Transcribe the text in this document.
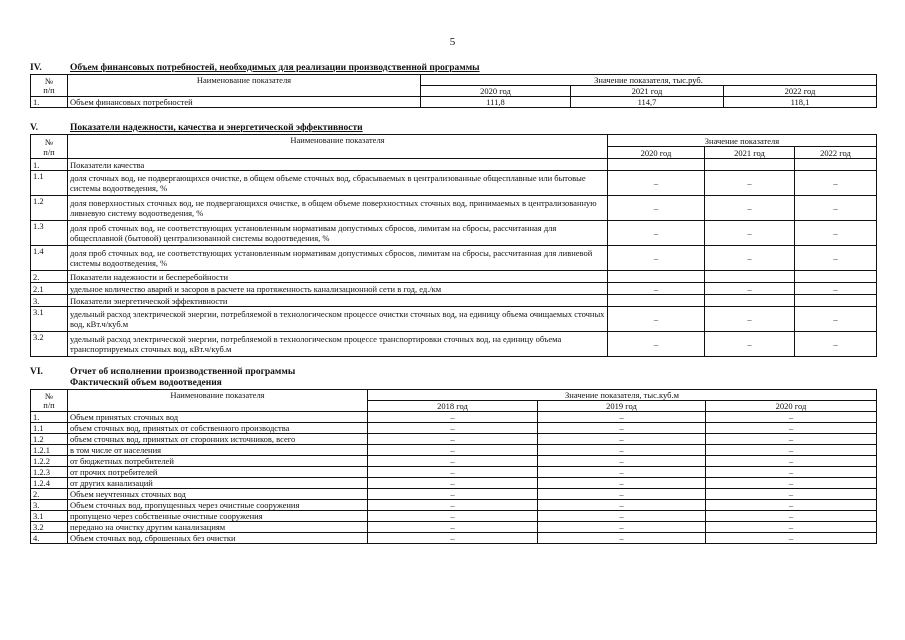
5
IV.	Объем финансовых потребностей, необходимых для реализации производственной программы
№
п/п	Наименование показателя	Значение показателя, тыс.руб.		
		2020 год	2021 год	2022 год
1.	Объем финансовых потребностей	111,8	114,7	118,1
V.	Показатели надежности, качества и энергетической эффективности
№
п/п	Наименование показателя	Значение показателя		
		2020 год	2021 год	2022 год
1.	Показатели качества			
1.1	доля сточных вод, не подвергающихся очистке, в общем объеме сточных вод, сбрасываемых в централизованные общесплавные или бытовые системы водоотведения, %	–	–	–
1.2	доля поверхностных сточных вод, не подвергающихся очистке, в общем объеме поверхностных сточных вод, принимаемых в централизованную ливневую систему водоотведения, %	–	–	–
1.3	доля проб сточных вод, не соответствующих установленным нормативам допустимых сбросов, лимитам на сбросы, рассчитанная для общесплавной (бытовой) централизованной системы водоотведения, %	–	–	–
1.4	доля проб сточных вод, не соответствующих установленным нормативам допустимых сбросов, лимитам на сбросы, рассчитанная для ливневой системы водоотведения, %	–	–	–
2.	Показатели надежности и бесперебойности			
2.1	удельное количество аварий и засоров в расчете на протяженность канализационной сети в год, ед./км	–	–	–
3.	Показатели энергетической эффективности			
3.1	удельный расход электрической энергии, потребляемой в технологическом процессе очистки сточных вод, на единицу объема очищаемых сточных вод, кВт.ч/куб.м	–	–	–
3.2	удельный расход электрической энергии, потребляемой в технологическом процессе транспортировки сточных вод, на единицу объема транспортируемых сточных вод, кВт.ч/куб.м	–	–	–
VI.	Отчет об исполнении производственной программы
Фактический объем водоотведения
№
п/п	Наименование показателя	Значение показателя, тыс.куб.м		
		2018 год	2019 год	2020 год
1.	Объем принятых сточных вод	–	–	–
1.1	объем сточных вод, принятых от собственного производства	–	–	–
1.2	объем сточных вод, принятых от сторонних источников, всего	–	–	–
1.2.1	в том числе от населения	–	–	–
1.2.2	от бюджетных потребителей	–	–	–
1.2.3	от прочих потребителей	–	–	–
1.2.4	от других канализаций	–	–	–
2.	Объем неучтенных сточных вод	–	–	–
3.	Объем сточных вод, пропущенных через очистные сооружения	–	–	–
3.1	пропущено через собственные очистные сооружения	–	–	–
3.2	передано на очистку другим канализациям	–	–	–
4.	Объем сточных вод, сброшенных без очистки	–	–	–
